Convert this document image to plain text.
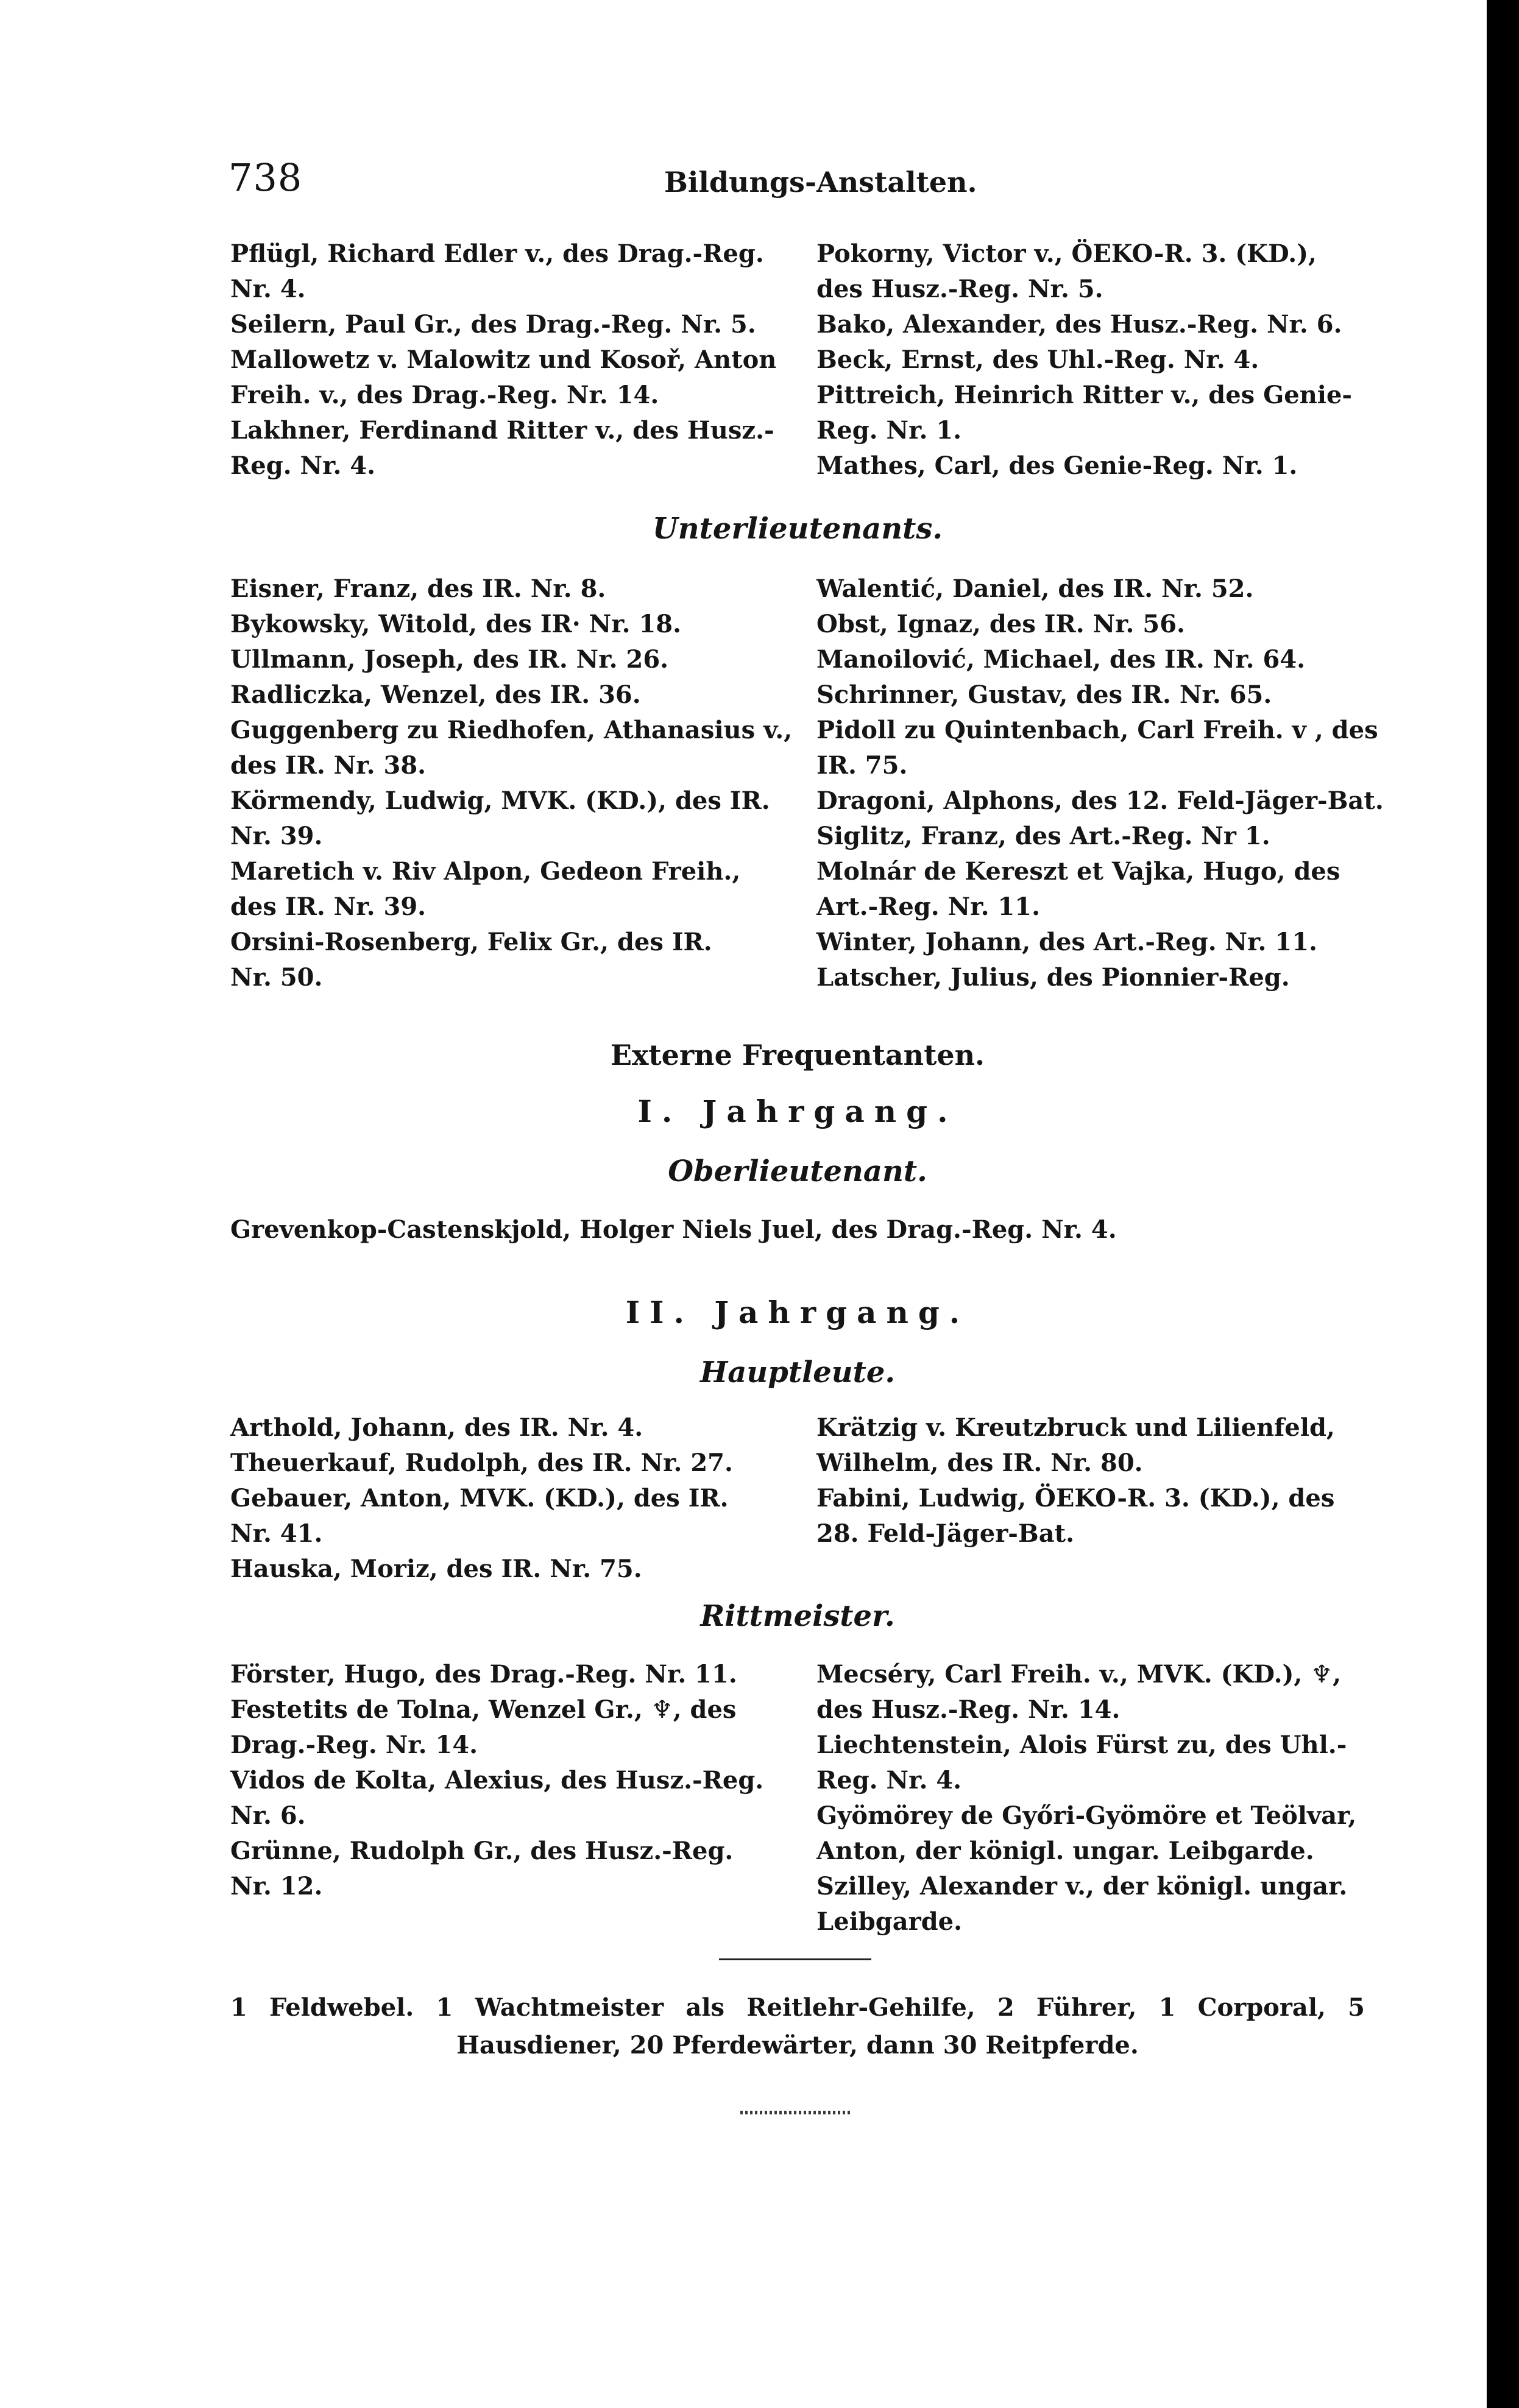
738	Bildungs-Anstalten.
Pflügl, Richard Edler v., des Drag.-Reg.
Nr. 4.
Seilern, Paul Gr., des Drag.-Reg. Nr. 5.
Mallowetz v. Malowitz und Kosoř, Anton
Freih. v., des Drag.-Reg. Nr. 14.
Lakhner, Ferdinand Ritter v., des Husz.-
Reg. Nr. 4.
Pokorny, Victor v., ÖEKO-R. 3. (KD.),
des Husz.-Reg. Nr. 5.
Bako, Alexander, des Husz.-Reg. Nr. 6.
Beck, Ernst, des Uhl.-Reg. Nr. 4.
Pittreich, Heinrich Ritter v., des Genie-
Reg. Nr. 1.
Mathes, Carl, des Genie-Reg. Nr. 1.
Unterlieutenants.
Eisner, Franz, des IR. Nr. 8.
Bykowsky, Witold, des IR· Nr. 18.
Ullmann, Joseph, des IR. Nr. 26.
Radliczka, Wenzel, des IR. 36.
Guggenberg zu Riedhofen, Athanasius v.,
des IR. Nr. 38.
Körmendy, Ludwig, MVK. (KD.), des IR.
Nr. 39.
Maretich v. Riv Alpon, Gedeon Freih.,
des IR. Nr. 39.
Orsini-Rosenberg, Felix Gr., des IR.
Nr. 50.
Walentić, Daniel, des IR. Nr. 52.
Obst, Ignaz, des IR. Nr. 56.
Manoilović, Michael, des IR. Nr. 64.
Schrinner, Gustav, des IR. Nr. 65.
Pidoll zu Quintenbach, Carl Freih. v , des
IR. 75.
Dragoni, Alphons, des 12. Feld-Jäger-Bat.
Siglitz, Franz, des Art.-Reg. Nr 1.
Molnár de Kereszt et Vajka, Hugo, des
Art.-Reg. Nr. 11.
Winter, Johann, des Art.-Reg. Nr. 11.
Latscher, Julius, des Pionnier-Reg.
Externe Frequentanten.
I. Jahrgang.
Oberlieutenant.
Grevenkop-Castenskjold, Holger Niels Juel, des Drag.-Reg. Nr. 4.
II. Jahrgang.
Hauptleute.
Arthold, Johann, des IR. Nr. 4.
Theuerkauf, Rudolph, des IR. Nr. 27.
Gebauer, Anton, MVK. (KD.), des IR.
Nr. 41.
Hauska, Moriz, des IR. Nr. 75.
Krätzig v. Kreutzbruck und Lilienfeld,
Wilhelm, des IR. Nr. 80.
Fabini, Ludwig, ÖEKO-R. 3. (KD.), des
28. Feld-Jäger-Bat.
Rittmeister.
Förster, Hugo, des Drag.-Reg. Nr. 11.
Festetits de Tolna, Wenzel Gr., ♆, des
Drag.-Reg. Nr. 14.
Vidos de Kolta, Alexius, des Husz.-Reg.
Nr. 6.
Grünne, Rudolph Gr., des Husz.-Reg.
Nr. 12.
Mecséry, Carl Freih. v., MVK. (KD.), ♆,
des Husz.-Reg. Nr. 14.
Liechtenstein, Alois Fürst zu, des Uhl.-
Reg. Nr. 4.
Gyömörey de Győri-Gyömöre et Teölvar,
Anton, der königl. ungar. Leibgarde.
Szilley, Alexander v., der königl. ungar.
Leibgarde.
1 Feldwebel. 1 Wachtmeister als Reitlehr-Gehilfe, 2 Führer, 1 Corporal, 5 Hausdiener, 20 Pferdewärter, dann 30 Reitpferde.
